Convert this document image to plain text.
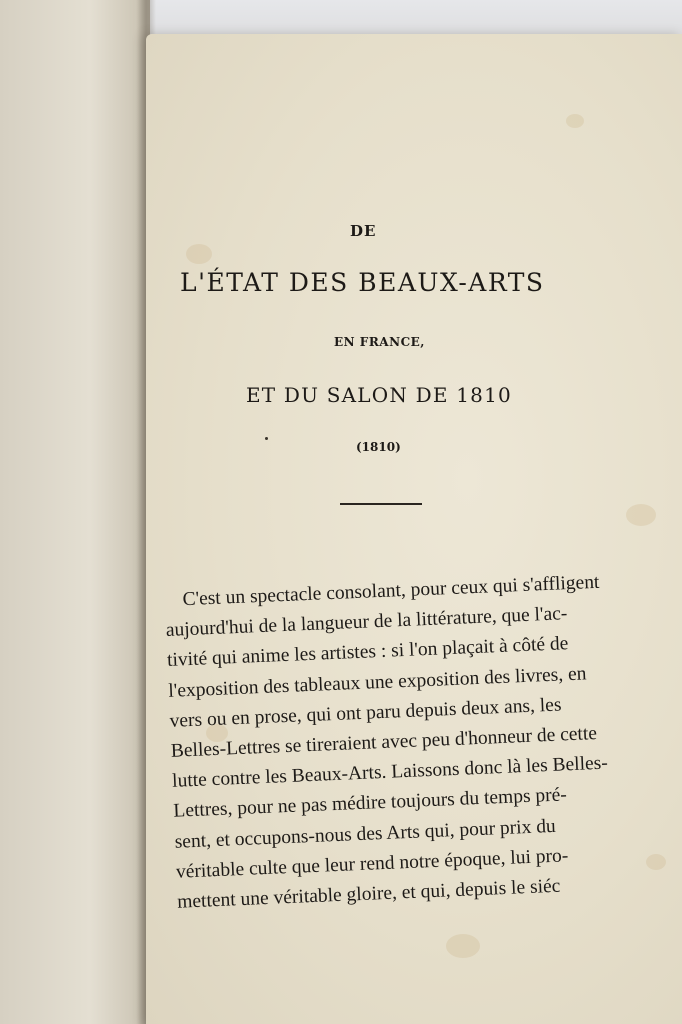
DE
L'ÉTAT DES BEAUX-ARTS
EN FRANCE,
ET DU SALON DE 1810
(1810)
C'est un spectacle consolant, pour ceux qui s'affligent
aujourd'hui de la langueur de la littérature, que l'ac-
tivité qui anime les artistes : si l'on plaçait à côté de
l'exposition des tableaux une exposition des livres, en
vers ou en prose, qui ont paru depuis deux ans, les
Belles-Lettres se tireraient avec peu d'honneur de cette
lutte contre les Beaux-Arts. Laissons donc là les Belles-
Lettres, pour ne pas médire toujours du temps pré-
sent, et occupons-nous des Arts qui, pour prix du
véritable culte que leur rend notre époque, lui pro-
mettent une véritable gloire, et qui, depuis le siéc
